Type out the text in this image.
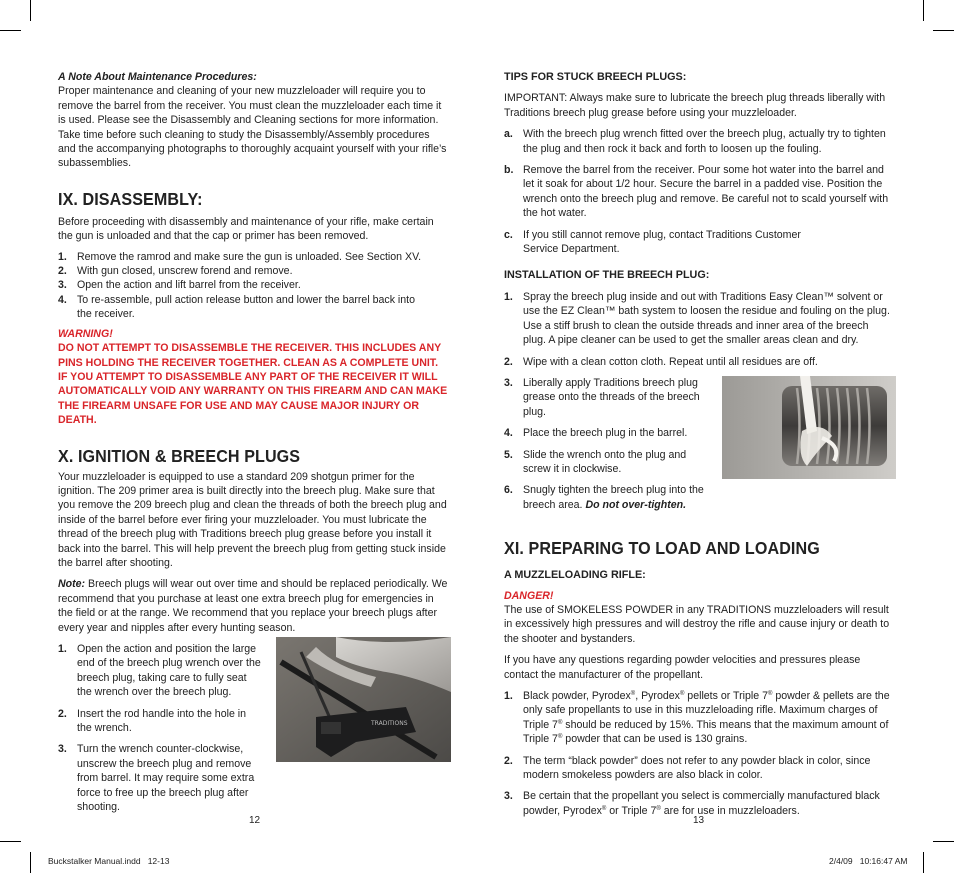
A Note About Maintenance Procedures:

Proper maintenance and cleaning of your new muzzleloader will require you to remove the barrel from the receiver. You must clean the muzzleloader each time it is used. Please see the Disassembly and Cleaning sections for more information. Take time before such cleaning to study the Disassembly/Assembly procedures and the accompanying photographs to thoroughly acquaint yourself with your rifle’s subassemblies.

IX. DISASSEMBLY:

Before proceeding with disassembly and maintenance of your rifle, make certain the gun is unloaded and that the cap or primer has been removed.

1. Remove the ramrod and make sure the gun is unloaded. See Section XV.
2. With gun closed, unscrew forend and remove.
3. Open the action and lift barrel from the receiver.
4. To re-assemble, pull action release button and lower the barrel back into the receiver.

WARNING!

DO NOT ATTEMPT TO DISASSEMBLE THE RECEIVER. THIS INCLUDES ANY PINS HOLDING THE RECEIVER TOGETHER. CLEAN AS A COMPLETE UNIT. IF YOU ATTEMPT TO DISASSEMBLE ANY PART OF THE RECEIVER IT WILL AUTOMATICALLY VOID ANY WARRANTY ON THIS FIREARM AND CAN MAKE THE FIREARM UNSAFE FOR USE AND MAY CAUSE MAJOR INJURY OR DEATH.

X. IGNITION & BREECH PLUGS

Your muzzleloader is equipped to use a standard 209 shotgun primer for the ignition. The 209 primer area is built directly into the breech plug. Make sure that you remove the 209 breech plug and clean the threads of both the breech plug and inside of the barrel before ever firing your muzzleloader. You must lubricate the thread of the breech plug with Traditions breech plug grease before you install it back into the barrel. This will help prevent the breech plug from getting stuck inside the barrel after shooting.

Note: Breech plugs will wear out over time and should be replaced periodically. We recommend that you purchase at least one extra breech plug for emergencies in the field or at the range. We recommend that you replace your breech plugs after every year and nipples after every hunting season.

1. Open the action and position the large end of the breech plug wrench over the breech plug, taking care to fully seat the wrench over the breech plug.
2. Insert the rod handle into the hole in the wrench.
3. Turn the wrench counter-clockwise, unscrew the breech plug and remove from barrel. It may require some extra force to free up the breech plug after shooting.
TRADITIONS
12
TIPS FOR STUCK BREECH PLUGS:

IMPORTANT: Always make sure to lubricate the breech plug threads liberally with Traditions breech plug grease before using your muzzleloader.

a. With the breech plug wrench fitted over the breech plug, actually try to tighten the plug and then rock it back and forth to loosen up the fouling.
b. Remove the barrel from the receiver. Pour some hot water into the barrel and let it soak for about 1/2 hour. Secure the barrel in a padded vise. Position the wrench onto the breech plug and remove. Be careful not to scald yourself with the hot water.
c. If you still cannot remove plug, contact Traditions Customer Service Department.
INSTALLATION OF THE BREECH PLUG:
1. Spray the breech plug inside and out with Traditions Easy Clean™ solvent or use the EZ Clean™ bath system to loosen the residue and fouling on the plug. Use a stiff brush to clean the outside threads and inner area of the breech plug. A pipe cleaner can be used to get the smaller areas clean and dry.
2. Wipe with a clean cotton cloth. Repeat until all residues are off.
3. Liberally apply Traditions breech plug grease onto the threads of the breech plug.
4. Place the breech plug in the barrel.
5. Slide the wrench onto the plug and screw it in clockwise.
6. Snugly tighten the breech plug into the breech area. Do not over-tighten.
XI. PREPARING TO LOAD AND LOADING
A MUZZLELOADING RIFLE:

DANGER!

The use of SMOKELESS POWDER in any TRADITIONS muzzleloaders will result in excessively high pressures and will destroy the rifle and cause injury or death to the shooter and bystanders.

If you have any questions regarding powder velocities and pressures please contact the manufacturer of the propellant.

1. Black powder, Pyrodex®, Pyrodex® pellets or Triple 7® powder & pellets are the only safe propellants to use in this muzzleloading rifle. Maximum charges of Triple 7® should be reduced by 15%. This means that the maximum amount of Triple 7® powder that can be used is 130 grains.
2. The term “black powder” does not refer to any powder black in color, since modern smokeless powders are also black in color.
3. Be certain that the propellant you select is commercially manufactured black powder, Pyrodex® or Triple 7® are for use in muzzleloaders.
13
Buckstalker Manual.indd   12-13	2/4/09   10:16:47 AM
